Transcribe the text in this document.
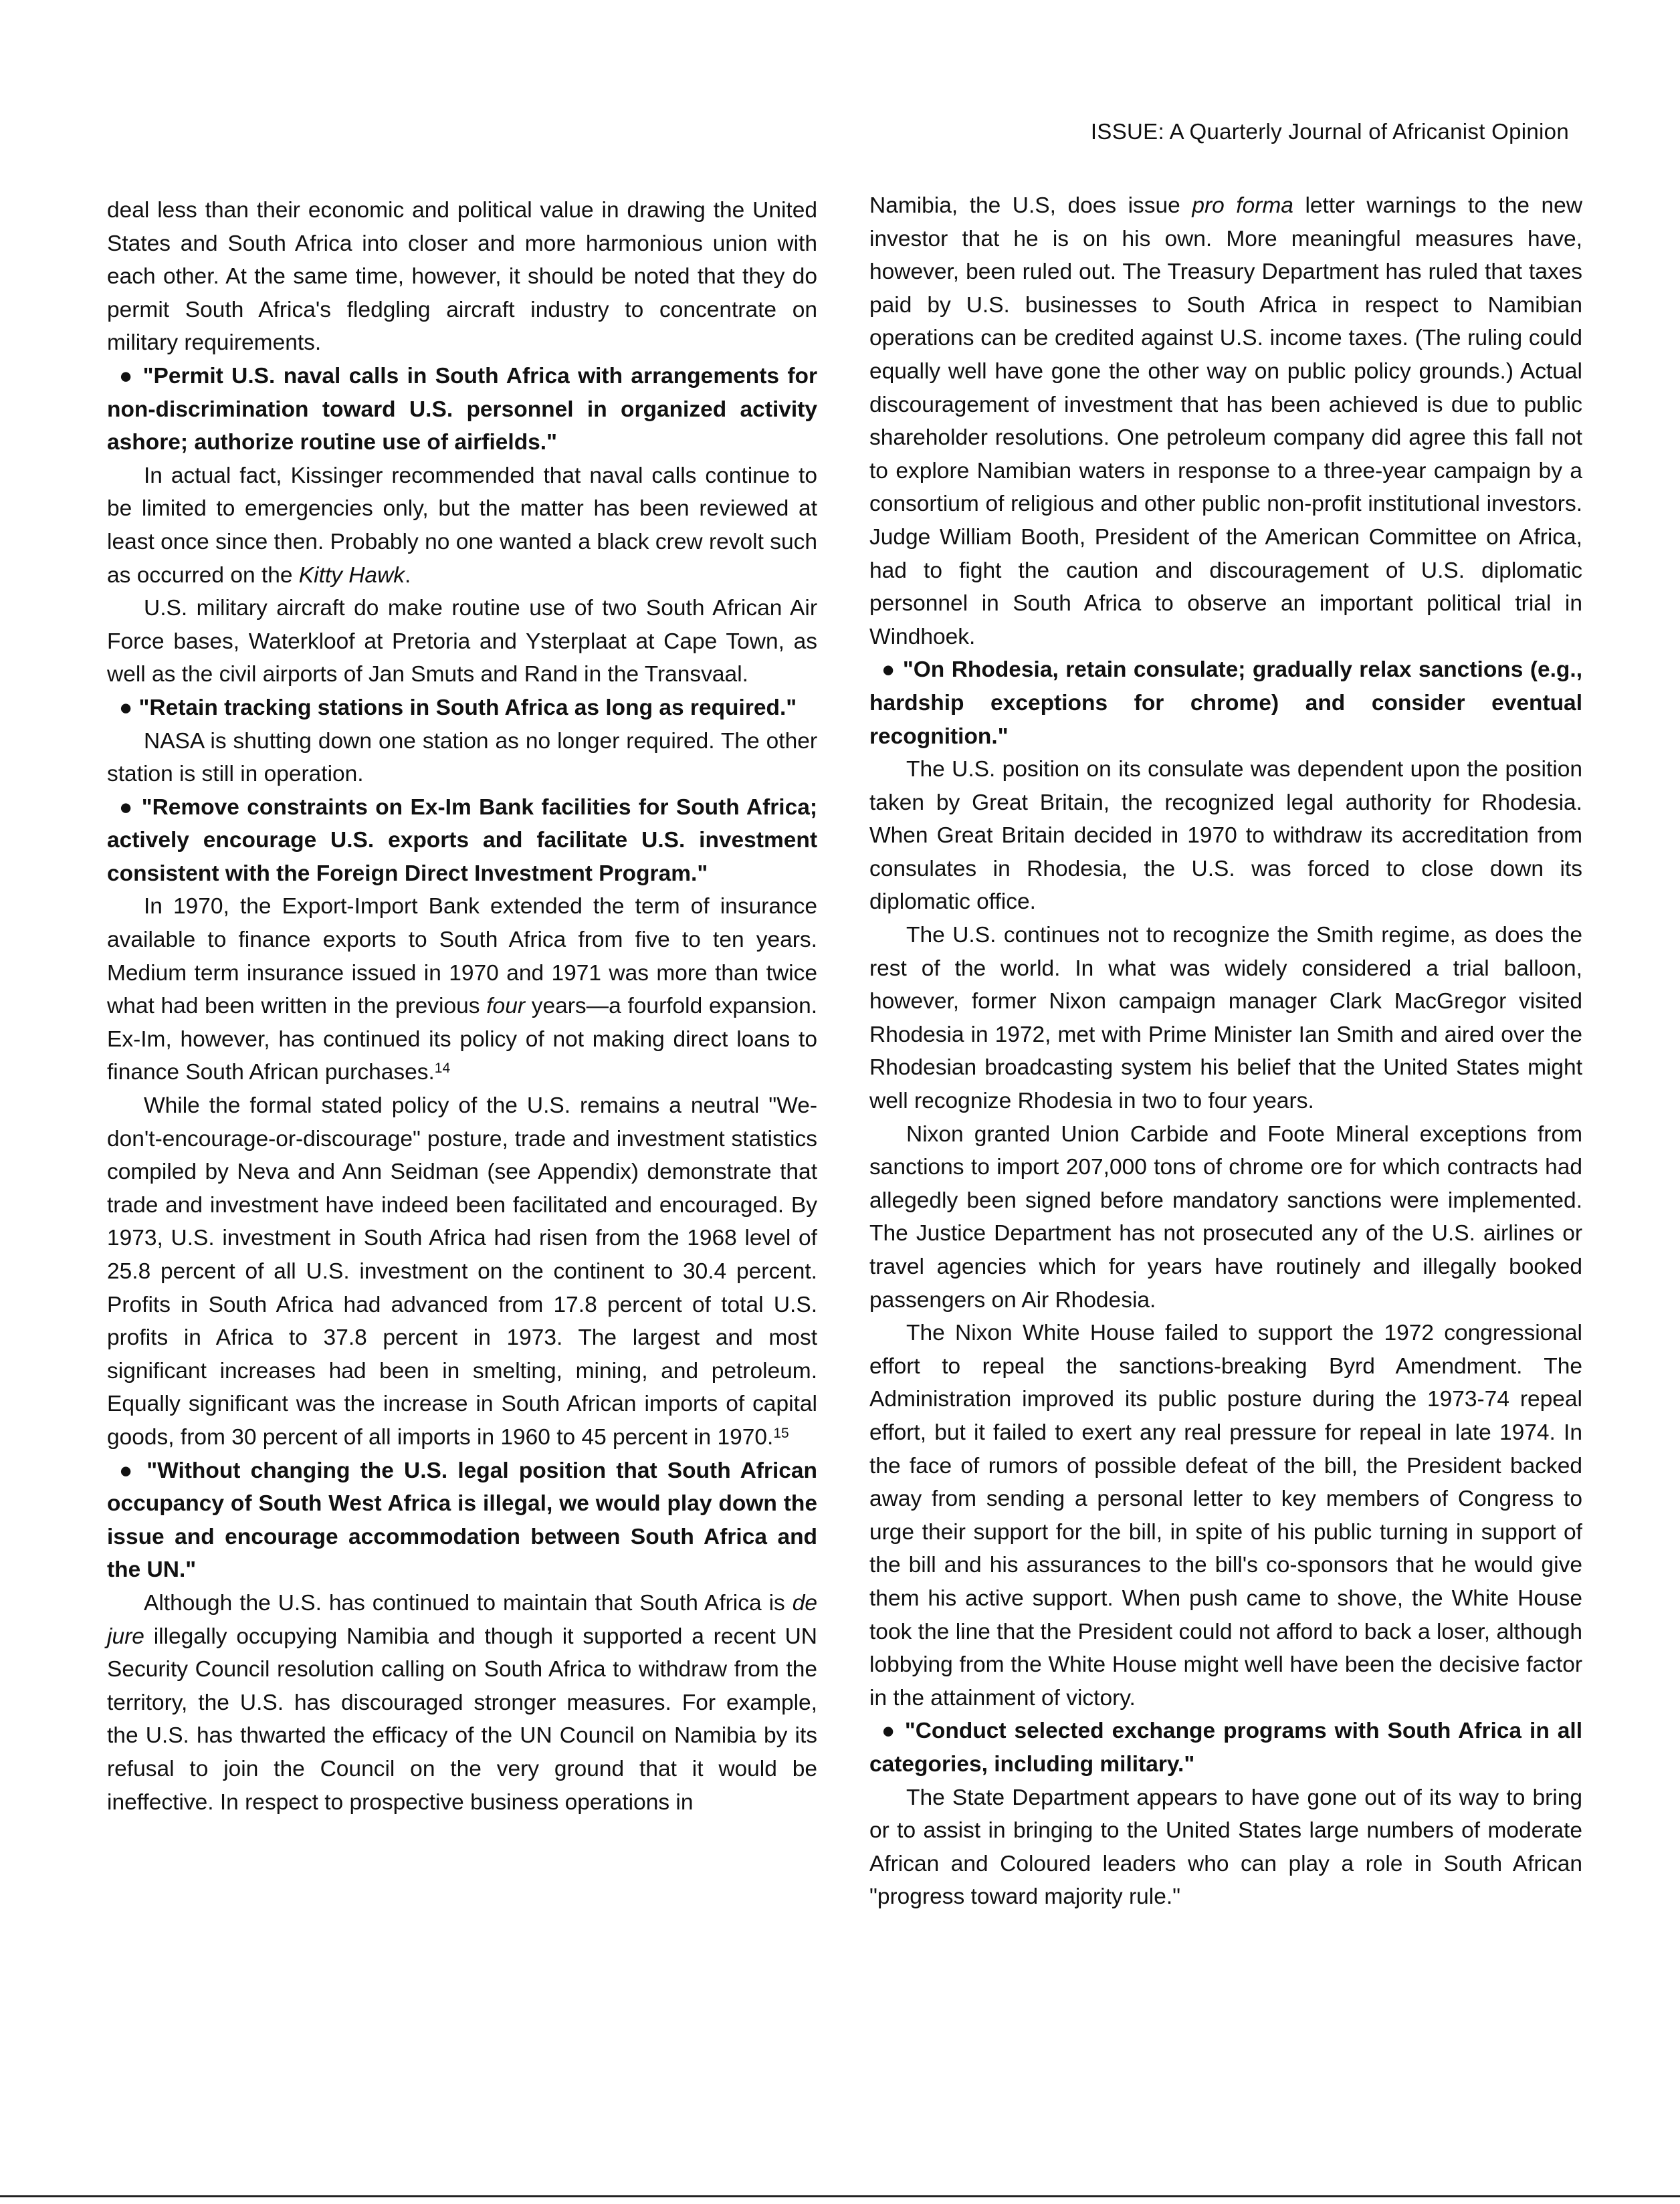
ISSUE: A Quarterly Journal of Africanist Opinion

deal less than their economic and political value in drawing the United States and South Africa into closer and more harmonious union with each other. At the same time, however, it should be noted that they do permit South Africa's fledgling aircraft industry to concentrate on military requirements.

● "Permit U.S. naval calls in South Africa with arrangements for non-discrimination toward U.S. personnel in organized activity ashore; authorize routine use of airfields."

In actual fact, Kissinger recommended that naval calls continue to be limited to emergencies only, but the matter has been reviewed at least once since then. Probably no one wanted a black crew revolt such as occurred on the Kitty Hawk.

U.S. military aircraft do make routine use of two South African Air Force bases, Waterkloof at Pretoria and Ysterplaat at Cape Town, as well as the civil airports of Jan Smuts and Rand in the Transvaal.

● "Retain tracking stations in South Africa as long as required."

NASA is shutting down one station as no longer required. The other station is still in operation.

● "Remove constraints on Ex-Im Bank facilities for South Africa; actively encourage U.S. exports and facilitate U.S. investment consistent with the Foreign Direct Investment Program."

In 1970, the Export-Import Bank extended the term of insurance available to finance exports to South Africa from five to ten years. Medium term insurance issued in 1970 and 1971 was more than twice what had been written in the previous four years—a fourfold expansion. Ex-Im, however, has continued its policy of not making direct loans to finance South African purchases.$^{14}$

While the formal stated policy of the U.S. remains a neutral "We-don't-encourage-or-discourage" posture, trade and investment statistics compiled by Neva and Ann Seidman (see Appendix) demonstrate that trade and investment have indeed been facilitated and encouraged. By 1973, U.S. investment in South Africa had risen from the 1968 level of 25.8 percent of all U.S. investment on the continent to 30.4 percent. Profits in South Africa had advanced from 17.8 percent of total U.S. profits in Africa to 37.8 percent in 1973. The largest and most significant increases had been in smelting, mining, and petroleum. Equally significant was the increase in South African imports of capital goods, from 30 percent of all imports in 1960 to 45 percent in 1970.15

● "Without changing the U.S. legal position that South African occupancy of South West Africa is illegal, we would play down the issue and encourage accommodation between South Africa and the UN."

Although the U.S. has continued to maintain that South Africa is de jure illegally occupying Namibia and though it supported a recent UN Security Council resolution calling on South Africa to withdraw from the territory, the U.S. has discouraged stronger measures. For example, the U.S. has thwarted the efficacy of the UN Council on Namibia by its refusal to join the Council on the very ground that it would be ineffective. In respect to prospective business operations in

Namibia, the U.S, does issue pro forma letter warnings to the new investor that he is on his own. More meaningful measures have, however, been ruled out. The Treasury Department has ruled that taxes paid by U.S. businesses to South Africa in respect to Namibian operations can be credited against U.S. income taxes. (The ruling could equally well have gone the other way on public policy grounds.) Actual discouragement of investment that has been achieved is due to public shareholder resolutions. One petroleum company did agree this fall not to explore Namibian waters in response to a three-year campaign by a consortium of religious and other public non-profit institutional investors. Judge William Booth, President of the American Committee on Africa, had to fight the caution and discouragement of U.S. diplomatic personnel in South Africa to observe an important political trial in Windhoek.

● "On Rhodesia, retain consulate; gradually relax sanctions (e.g., hardship exceptions for chrome) and consider eventual recognition."

The U.S. position on its consulate was dependent upon the position taken by Great Britain, the recognized legal authority for Rhodesia. When Great Britain decided in 1970 to withdraw its accreditation from consulates in Rhodesia, the U.S. was forced to close down its diplomatic office.

The U.S. continues not to recognize the Smith regime, as does the rest of the world. In what was widely considered a trial balloon, however, former Nixon campaign manager Clark MacGregor visited Rhodesia in 1972, met with Prime Minister Ian Smith and aired over the Rhodesian broadcasting system his belief that the United States might well recognize Rhodesia in two to four years.

Nixon granted Union Carbide and Foote Mineral exceptions from sanctions to import 207,000 tons of chrome ore for which contracts had allegedly been signed before mandatory sanctions were implemented. The Justice Department has not prosecuted any of the U.S. airlines or travel agencies which for years have routinely and illegally booked passengers on Air Rhodesia.

The Nixon White House failed to support the 1972 congressional effort to repeal the sanctions-breaking Byrd Amendment. The Administration improved its public posture during the 1973-74 repeal effort, but it failed to exert any real pressure for repeal in late 1974. In the face of rumors of possible defeat of the bill, the President backed away from sending a personal letter to key members of Congress to urge their support for the bill, in spite of his public turning in support of the bill and his assurances to the bill's co-sponsors that he would give them his active support. When push came to shove, the White House took the line that the President could not afford to back a loser, although lobbying from the White House might well have been the decisive factor in the attainment of victory.

● "Conduct selected exchange programs with South Africa in all categories, including military."

The State Department appears to have gone out of its way to bring or to assist in bringing to the United States large numbers of moderate African and Coloured leaders who can play a role in South African "progress toward majority rule."
